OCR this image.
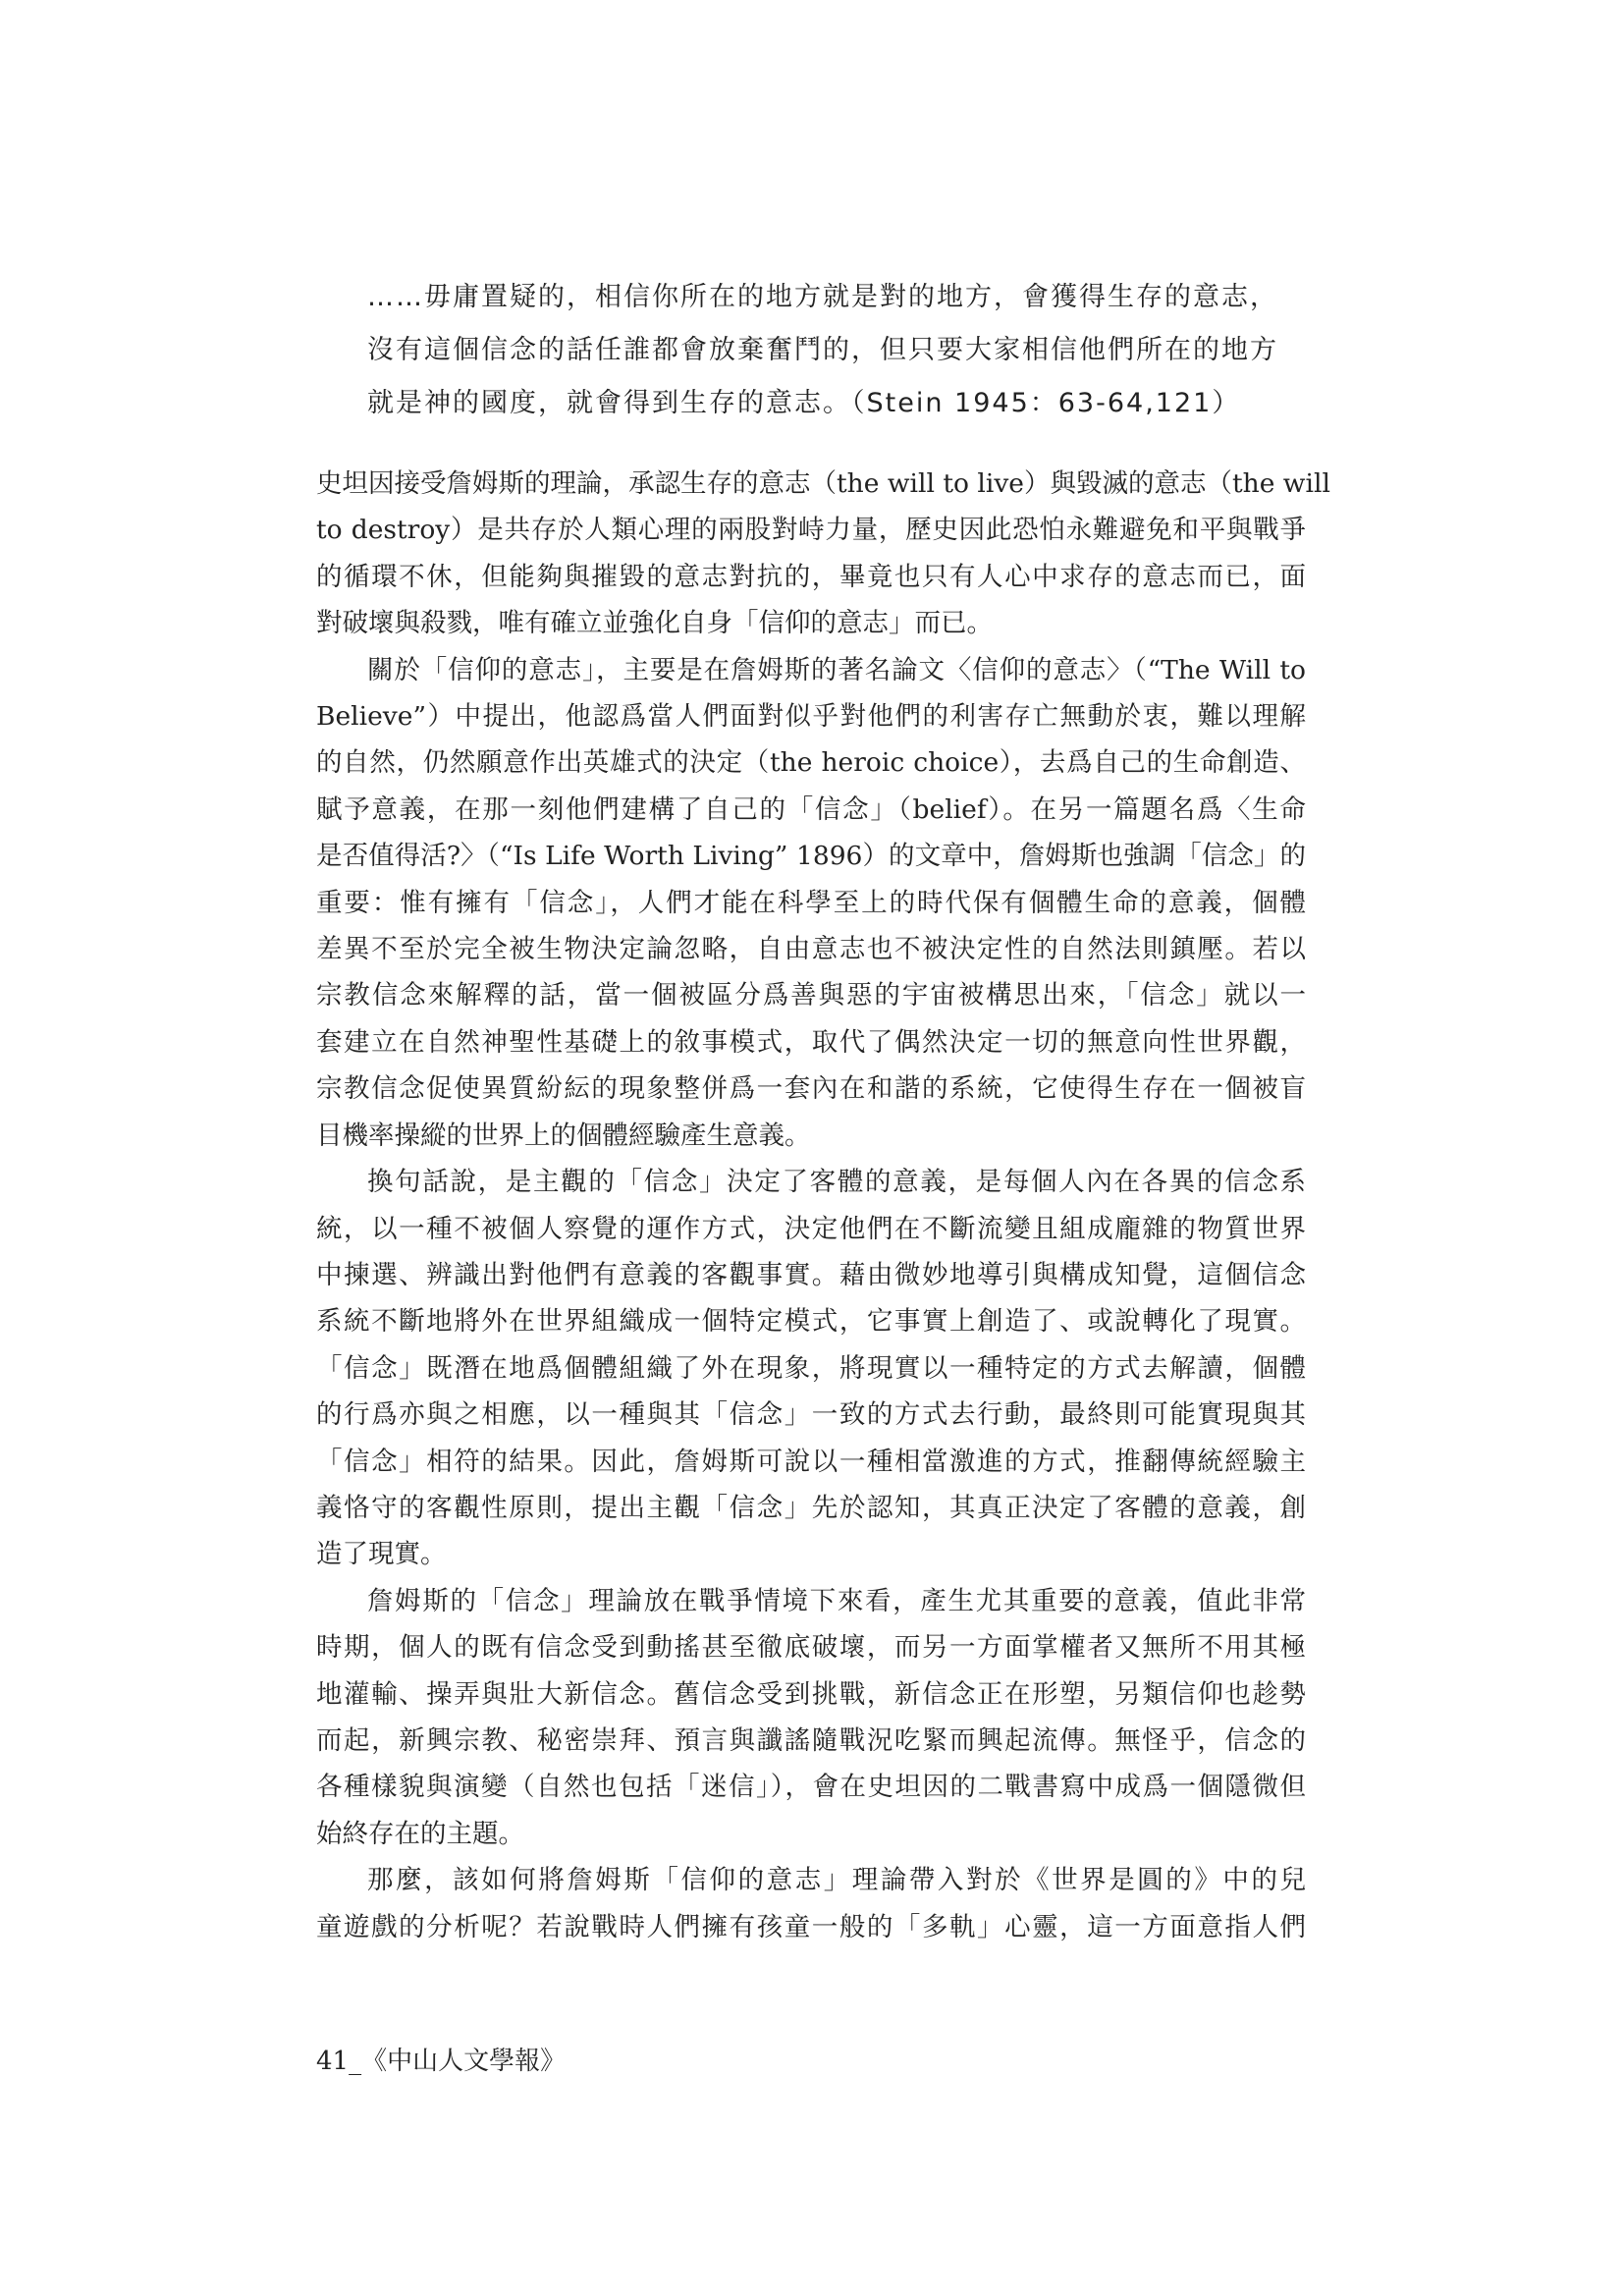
……毋庸置疑的，相信你所在的地方就是對的地方，會獲得生存的意志，
沒有這個信念的話任誰都會放棄奮鬥的，但只要大家相信他們所在的地方
就是神的國度，就會得到生存的意志。（Stein 1945：63-64,121）
史坦因接受詹姆斯的理論，承認生存的意志（the will to live）與毀滅的意志（the will
to destroy）是共存於人類心理的兩股對峙力量，歷史因此恐怕永難避免和平與戰爭
的循環不休，但能夠與摧毀的意志對抗的，畢竟也只有人心中求存的意志而已，面
對破壞與殺戮，唯有確立並強化自身「信仰的意志」而已。
關於「信仰的意志」，主要是在詹姆斯的著名論文〈信仰的意志〉（“The Will to
Believe”）中提出，他認爲當人們面對似乎對他們的利害存亡無動於衷，難以理解
的自然，仍然願意作出英雄式的決定（the heroic choice），去爲自己的生命創造、
賦予意義，在那一刻他們建構了自己的「信念」（belief）。在另一篇題名爲〈生命
是否值得活?〉（“Is Life Worth Living” 1896）的文章中，詹姆斯也強調「信念」的
重要：惟有擁有「信念」，人們才能在科學至上的時代保有個體生命的意義，個體
差異不至於完全被生物決定論忽略，自由意志也不被決定性的自然法則鎮壓。若以
宗教信念來解釋的話，當一個被區分爲善與惡的宇宙被構思出來，「信念」就以一
套建立在自然神聖性基礎上的敘事模式，取代了偶然決定一切的無意向性世界觀，
宗教信念促使異質紛紜的現象整併爲一套內在和諧的系統，它使得生存在一個被盲
目機率操縱的世界上的個體經驗產生意義。
換句話說，是主觀的「信念」決定了客體的意義，是每個人內在各異的信念系
統，以一種不被個人察覺的運作方式，決定他們在不斷流變且組成龐雜的物質世界
中揀選、辨識出對他們有意義的客觀事實。藉由微妙地導引與構成知覺，這個信念
系統不斷地將外在世界組織成一個特定模式，它事實上創造了、或說轉化了現實。
「信念」既潛在地爲個體組織了外在現象，將現實以一種特定的方式去解讀，個體
的行爲亦與之相應，以一種與其「信念」一致的方式去行動，最終則可能實現與其
「信念」相符的結果。因此，詹姆斯可說以一種相當激進的方式，推翻傳統經驗主
義恪守的客觀性原則，提出主觀「信念」先於認知，其真正決定了客體的意義，創
造了現實。
詹姆斯的「信念」理論放在戰爭情境下來看，產生尤其重要的意義，值此非常
時期，個人的既有信念受到動搖甚至徹底破壞，而另一方面掌權者又無所不用其極
地灌輸、操弄與壯大新信念。舊信念受到挑戰，新信念正在形塑，另類信仰也趁勢
而起，新興宗教、秘密崇拜、預言與讖謠隨戰況吃緊而興起流傳。無怪乎，信念的
各種樣貌與演變（自然也包括「迷信」），會在史坦因的二戰書寫中成爲一個隱微但
始終存在的主題。
那麼，該如何將詹姆斯「信仰的意志」理論帶入對於《世界是圓的》中的兒
童遊戲的分析呢？若說戰時人們擁有孩童一般的「多軌」心靈，這一方面意指人們
41_《中山人文學報》
